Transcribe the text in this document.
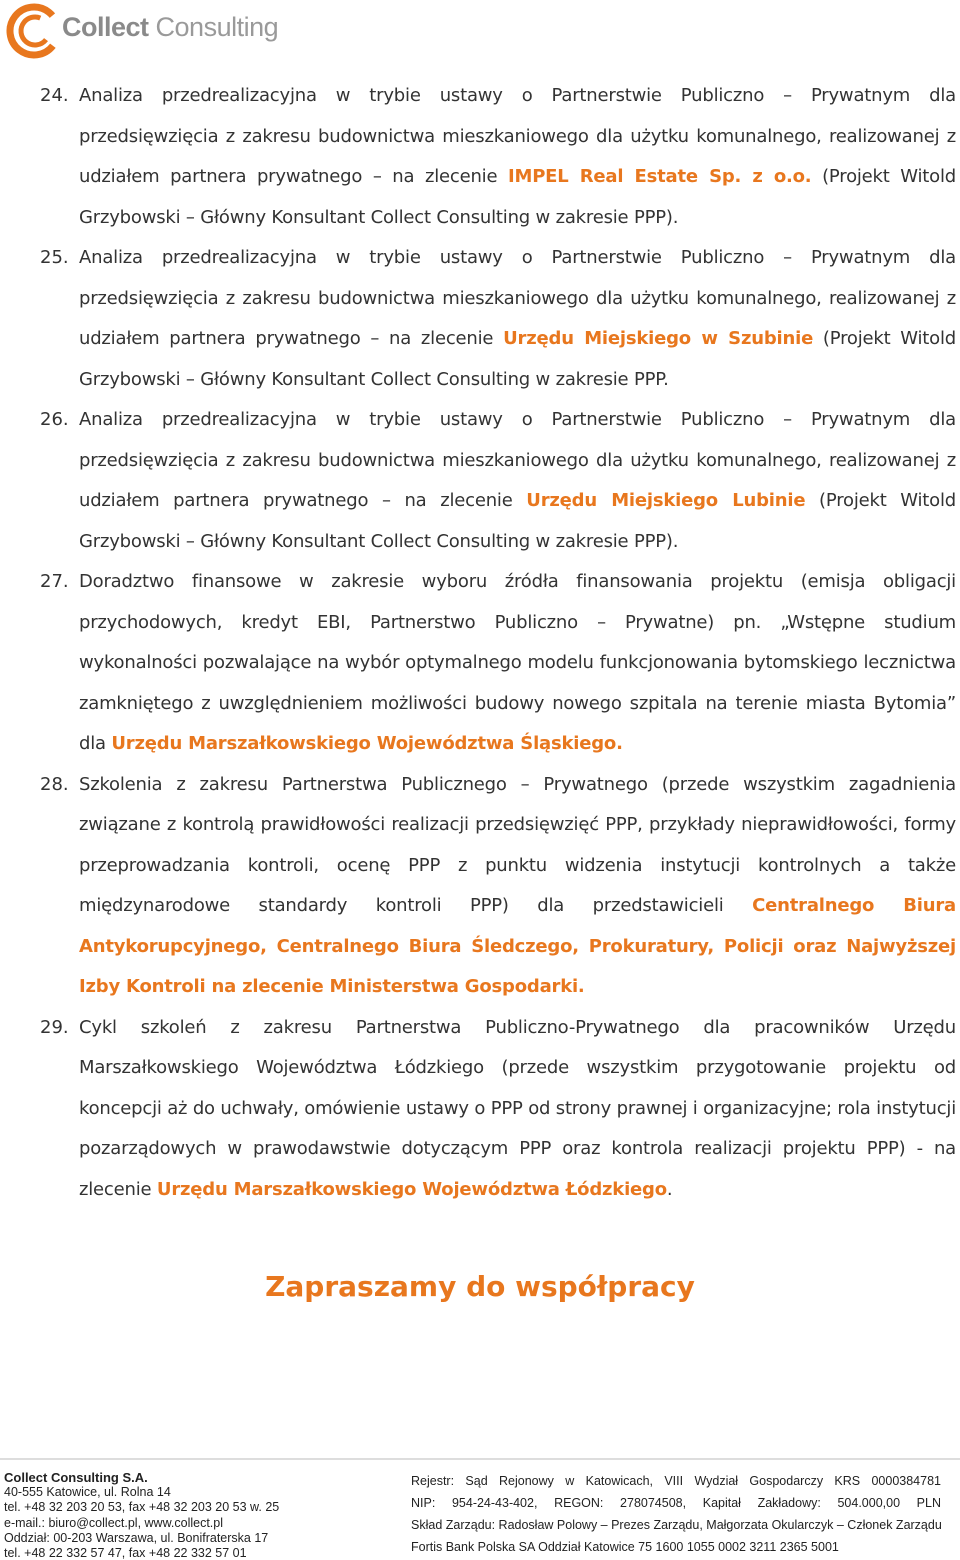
Collect Consulting
24. Analiza przedrealizacyjna w trybie ustawy o Partnerstwie Publiczno – Prywatnym dla przedsięwzięcia z zakresu budownictwa mieszkaniowego dla użytku komunalnego, realizowanej z udziałem partnera prywatnego – na zlecenie IMPEL Real Estate Sp. z o.o. (Projekt Witold Grzybowski – Główny Konsultant Collect Consulting w zakresie PPP).
25. Analiza przedrealizacyjna w trybie ustawy o Partnerstwie Publiczno – Prywatnym dla przedsięwzięcia z zakresu budownictwa mieszkaniowego dla użytku komunalnego, realizowanej z udziałem partnera prywatnego – na zlecenie Urzędu Miejskiego w Szubinie (Projekt Witold Grzybowski – Główny Konsultant Collect Consulting w zakresie PPP.
26. Analiza przedrealizacyjna w trybie ustawy o Partnerstwie Publiczno – Prywatnym dla przedsięwzięcia z zakresu budownictwa mieszkaniowego dla użytku komunalnego, realizowanej z udziałem partnera prywatnego – na zlecenie Urzędu Miejskiego Lubinie (Projekt Witold Grzybowski – Główny Konsultant Collect Consulting w zakresie PPP).
27. Doradztwo finansowe w zakresie wyboru źródła finansowania projektu (emisja obligacji przychodowych, kredyt EBI, Partnerstwo Publiczno – Prywatne) pn. „Wstępne studium wykonalności pozwalające na wybór optymalnego modelu funkcjonowania bytomskiego lecznictwa zamkniętego z uwzględnieniem możliwości budowy nowego szpitala na terenie miasta Bytomia” dla Urzędu Marszałkowskiego Województwa Śląskiego.
28. Szkolenia z zakresu Partnerstwa Publicznego – Prywatnego (przede wszystkim zagadnienia związane z kontrolą prawidłowości realizacji przedsięwzięć PPP, przykłady nieprawidłowości, formy przeprowadzania kontroli, ocenę PPP z punktu widzenia instytucji kontrolnych a także międzynarodowe standardy kontroli PPP) dla przedstawicieli Centralnego Biura Antykorupcyjnego, Centralnego Biura Śledczego, Prokuratury, Policji oraz Najwyższej Izby Kontroli na zlecenie Ministerstwa Gospodarki.
29. Cykl szkoleń z zakresu Partnerstwa Publiczno-Prywatnego dla pracowników Urzędu Marszałkowskiego Województwa Łódzkiego (przede wszystkim przygotowanie projektu od koncepcji aż do uchwały, omówienie ustawy o PPP od strony prawnej i organizacyjne; rola instytucji pozarządowych w prawodawstwie dotyczącym PPP oraz kontrola realizacji projektu PPP) - na zlecenie Urzędu Marszałkowskiego Województwa Łódzkiego.
Zapraszamy do współpracy
Collect Consulting S.A.
40-555 Katowice, ul. Rolna 14
tel. +48 32 203 20 53, fax +48 32 203 20 53 w. 25
e-mail.: biuro@collect.pl, www.collect.pl
Oddział: 00-203 Warszawa, ul. Bonifraterska 17
tel. +48 22 332 57 47, fax +48 22 332 57 01
Rejestr: Sąd Rejonowy w Katowicach, VIII Wydział Gospodarczy KRS 0000384781
NIP: 954-24-43-402, REGON: 278074508, Kapitał Zakładowy: 504.000,00 PLN
Skład Zarządu: Radosław Polowy – Prezes Zarządu, Małgorzata Okularczyk – Członek Zarządu
Fortis Bank Polska SA Oddział Katowice 75 1600 1055 0002 3211 2365 5001
